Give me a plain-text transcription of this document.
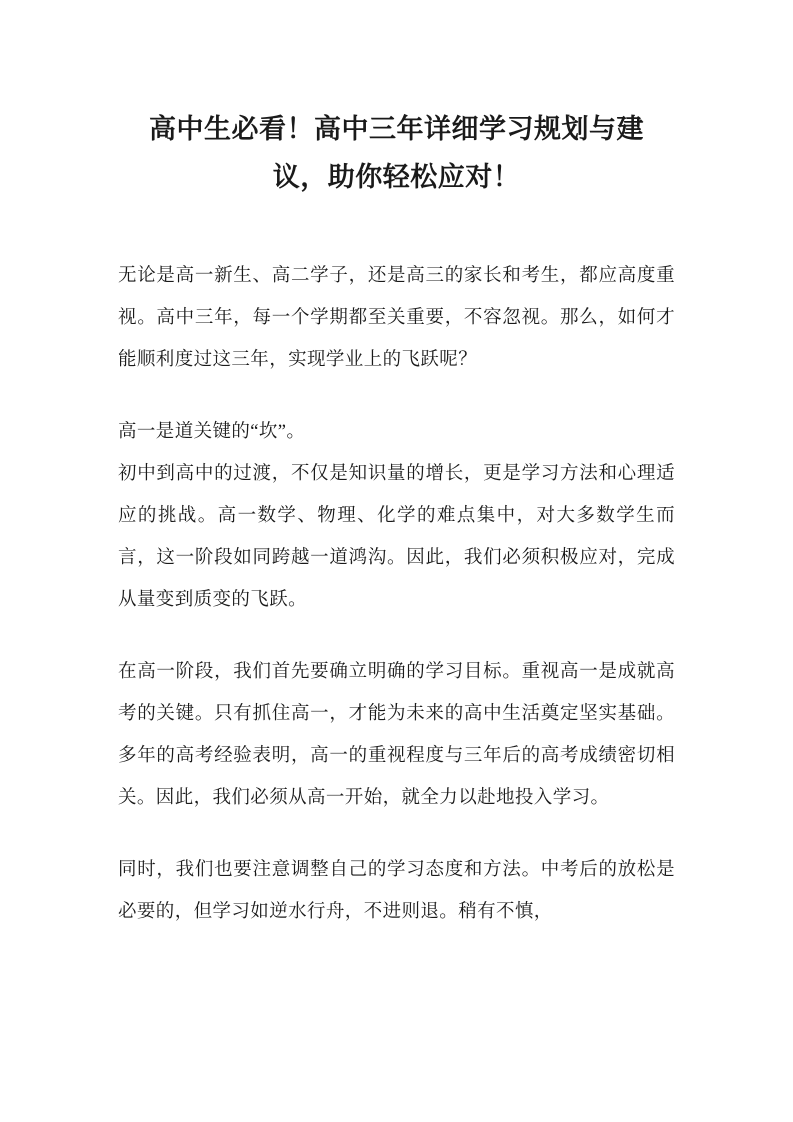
高中生必看！高中三年详细学习规划与建议，助你轻松应对！

无论是高一新生、高二学子，还是高三的家长和考生，都应高度重视。高中三年，每一个学期都至关重要，不容忽视。那么，如何才能顺利度过这三年，实现学业上的飞跃呢？

高一是道关键的“坎”。

初中到高中的过渡，不仅是知识量的增长，更是学习方法和心理适应的挑战。高一数学、物理、化学的难点集中，对大多数学生而言，这一阶段如同跨越一道鸿沟。因此，我们必须积极应对，完成从量变到质变的飞跃。

在高一阶段，我们首先要确立明确的学习目标。重视高一是成就高考的关键。只有抓住高一，才能为未来的高中生活奠定坚实基础。多年的高考经验表明，高一的重视程度与三年后的高考成绩密切相关。因此，我们必须从高一开始，就全力以赴地投入学习。

同时，我们也要注意调整自己的学习态度和方法。中考后的放松是必要的，但学习如逆水行舟，不进则退。稍有不慎，
